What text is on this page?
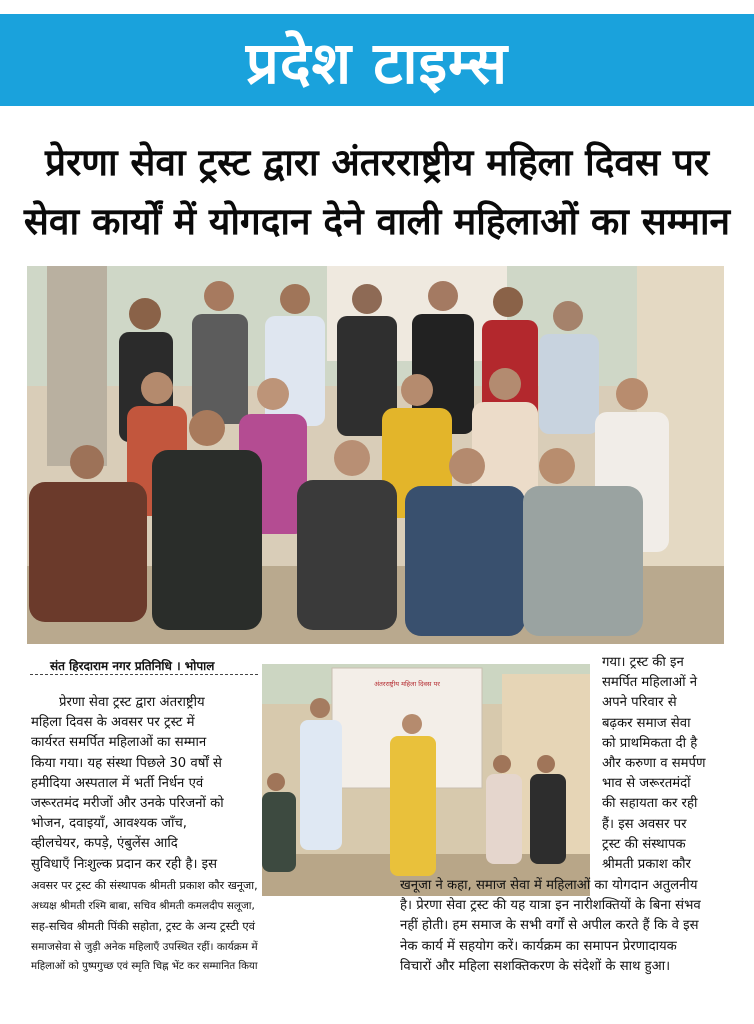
प्रदेश टाइम्स
प्रेरणा सेवा ट्रस्ट द्वारा अंतरराष्ट्रीय महिला दिवस पर
सेवा कार्यों में योगदान देने वाली महिलाओं का सम्मान
संत हिरदाराम नगर प्रतिनिधि । भोपाल
प्रेरणा सेवा ट्रस्ट द्वारा अंतराष्ट्रीय
महिला दिवस के अवसर पर ट्रस्ट में
कार्यरत समर्पित महिलाओं का सम्मान
किया गया। यह संस्था पिछले 30 वर्षों से
हमीदिया अस्पताल में भर्ती निर्धन एवं
जरूरतमंद मरीजों और उनके परिजनों को
भोजन, दवाइयाँ, आवश्यक जाँच,
व्हीलचेयर, कपड़े, एंबुलेंस आदि
सुविधाएँ निःशुल्क प्रदान कर रही है। इस
अंतरराष्ट्रीय महिला दिवस पर
गया। ट्रस्ट की इन
समर्पित महिलाओं ने
अपने परिवार से
बढ़कर समाज सेवा
को प्राथमिकता दी है
और करुणा व समर्पण
भाव से जरूरतमंदों
की सहायता कर रही
हैं। इस अवसर पर
ट्रस्ट की संस्थापक
श्रीमती प्रकाश कौर
अवसर पर ट्रस्ट की संस्थापक श्रीमती प्रकाश कौर खनूजा,
अध्यक्ष श्रीमती रश्मि बाबा, सचिव श्रीमती कमलदीप सलूजा,
सह-सचिव श्रीमती पिंकी सहोता, ट्रस्ट के अन्य ट्रस्टी एवं
समाजसेवा से जुड़ी अनेक महिलाएँ उपस्थित रहीं। कार्यक्रम में
महिलाओं को पुष्पगुच्छ एवं स्मृति चिह्न भेंट कर सम्मानित किया
खनूजा ने कहा, समाज सेवा में महिलाओं का योगदान अतुलनीय
है। प्रेरणा सेवा ट्रस्ट की यह यात्रा इन नारीशक्तियों के बिना संभव
नहीं होती। हम समाज के सभी वर्गों से अपील करते हैं कि वे इस
नेक कार्य में सहयोग करें। कार्यक्रम का समापन प्रेरणादायक
विचारों और महिला सशक्तिकरण के संदेशों के साथ हुआ।
